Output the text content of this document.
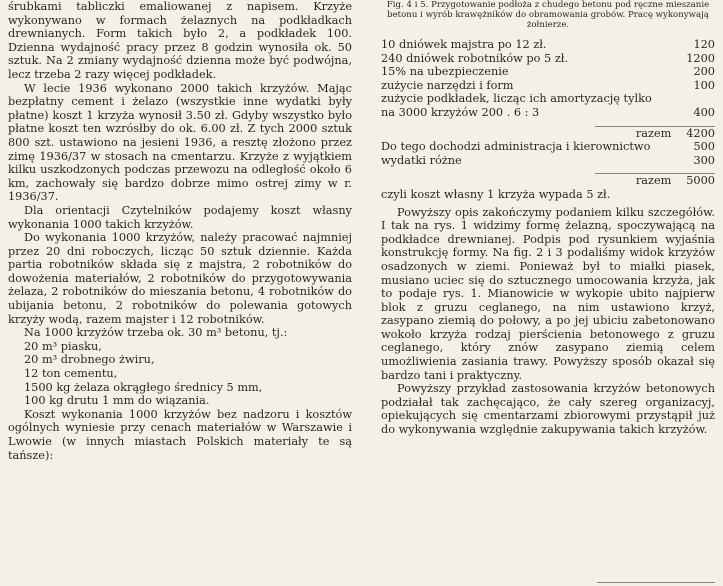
śrubkami tabliczki emaliowanej z napisem. Krzyże wykonywano w formach żelaznych na podkładkach drewnianych. Form takich było 2, a podkładek 100. Dzienna wydajność pracy przez 8 godzin wynosiła ok. 50 sztuk. Na 2 zmiany wydajność dzienna może być podwójna, lecz trzeba 2 razy więcej podkładek.

W lecie 1936 wykonano 2000 takich krzyżów. Mając bezpłatny cement i żelazo (wszystkie inne wydatki były płatne) koszt 1 krzyża wynosił 3.50 zł. Gdyby wszystko było płatne koszt ten wzrósłby do ok. 6.00 zł. Z tych 2000 sztuk 800 szt. ustawiono na jesieni 1936, a resztę złożono przez zimę 1936/37 w stosach na cmentarzu. Krzyże z wyjątkiem kilku uszkodzonych podczas przewozu na odległość około 6 km, zachowały się bardzo dobrze mimo ostrej zimy w r. 1936/37.

Dla orientacji Czytelników podajemy koszt własny wykonania 1000 takich krzyżów.

Do wykonania 1000 krzyżów, należy pracować najmniej przez 20 dni roboczych, licząc 50 sztuk dziennie. Każda partia robotników składa się z majstra, 2 robotników do dowożenia materiałów, 2 robotników do przygotowywania żelaza, 2 robotników do mieszania betonu, 4 robotników do ubijania betonu, 2 robotników do polewania gotowych krzyży wodą, razem majster i 12 robotników.

Na 1000 krzyżów trzeba ok. 30 m³ betonu, tj.:

20 m³ piasku,

20 m³ drobnego żwiru,

12 ton cementu,

1500 kg żelaza okrągłego średnicy 5 mm,

100 kg drutu 1 mm do wiązania.

Koszt wykonania 1000 krzyżów bez nadzoru i kosztów ogólnych wyniesie przy cenach materiałów w Warszawie i Lwowie (w innych miastach Polskich materiały te są tańsze):

Fig. 4 i 5. Przygotowanie podłoża z chudego betonu pod ręczne mieszanie betonu i wyrób krawężników do obramowania grobów. Pracę wykonywają żołnierze.

10 dniówek majstra po 12 zł.	120
240 dniówek robotników po 5 zł.	1200
15% na ubezpieczenie	200
zużycie narzędzi i form	100
zużycie podkładek, licząc ich amortyzację tylko na 3000 krzyżów 200 . 6 : 3	400
razem 4200
Do tego dochodzi administracja i kierownictwo	500
wydatki różne	300
razem 5000

czyli koszt własny 1 krzyża wypada 5 zł.

Powyższy opis zakończymy podaniem kilku szczegółów. I tak na rys. 1 widzimy formę żelazną, spoczywającą na podkładce drewnianej. Podpis pod rysunkiem wyjaśnia konstrukcję formy. Na fig. 2 i 3 podaliśmy widok krzyżów osadzonych w ziemi. Ponieważ był to miałki piasek, musiano uciec się do sztucznego umocowania krzyża, jak to podaje rys. 1. Mianowicie w wykopie ubito najpierw blok z gruzu ceglanego, na nim ustawiono krzyż, zasypano ziemią do połowy, a po jej ubiciu zabetonowano wokoło krzyża rodzaj pierścienia betonowego z gruzu ceglanego, który znów zasypano ziemią celem umożliwienia zasiania trawy. Powyższy sposób okazał się bardzo tani i praktyczny.

Powyższy przykład zastosowania krzyżów betonowych podziałał tak zachęcająco, że cały szereg organizacyj, opiekujących się cmentarzami zbiorowymi przystąpił już do wykonywania względnie zakupywania takich krzyżów.
